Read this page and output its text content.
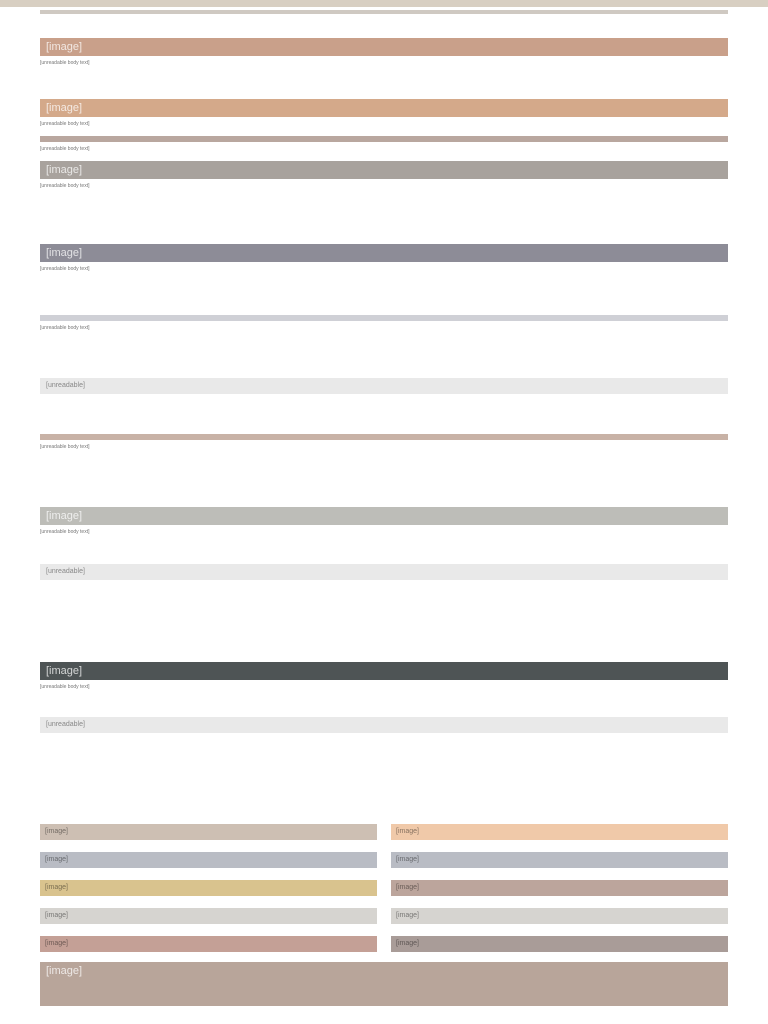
[image]

[unreadable body text]

[image]

[unreadable body text]

[unreadable body text]

[image]

[unreadable body text]

[image]

[unreadable body text]

[unreadable body text]

[unreadable]

[unreadable body text]

[image]

[unreadable body text]

[unreadable]
[image]

[unreadable body text]

[unreadable]
[image]	[image]
[image]	[image]
[image]	[image]
[image]	[image]
[image]	[image]
[image]
